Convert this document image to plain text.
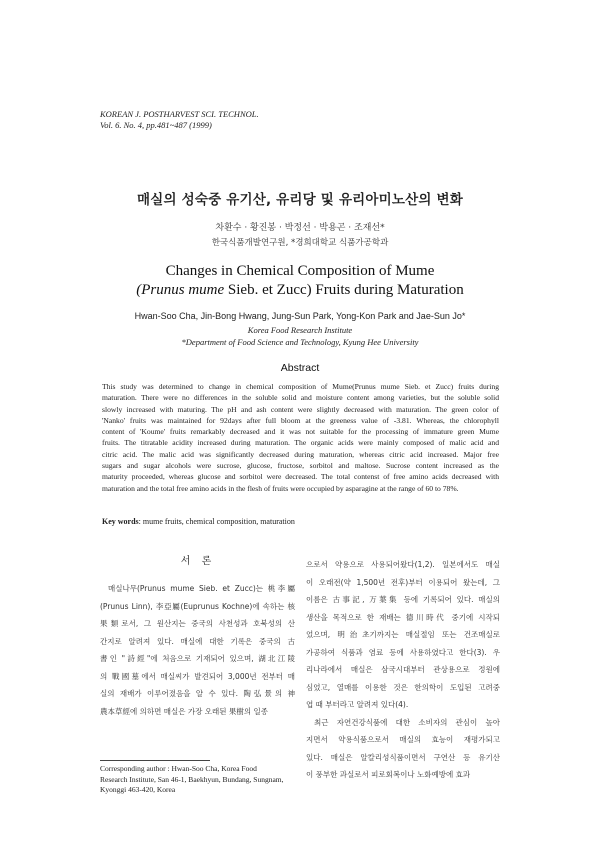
KOREAN J. POSTHARVEST SCI. TECHNOL.
Vol. 6. No. 4, pp.481~487 (1999)
매실의 성숙중 유기산, 유리당 및 유리아미노산의 변화
차환수 · 황진봉 · 박정선 · 박용곤 · 조재선*
한국식품개발연구원, *경희대학교 식품가공학과
Changes in Chemical Composition of Mume
(Prunus mume Sieb. et Zucc) Fruits during Maturation
Hwan-Soo Cha, Jin-Bong Hwang, Jung-Sun Park, Yong-Kon Park and Jae-Sun Jo*
Korea Food Research Institute
*Department of Food Science and Technology, Kyung Hee University
Abstract
This study was determined to change in chemical composition of Mume(Prunus mume Sieb. et Zucc) fruits during
maturation. There were no differences in the soluble solid and moisture content among varieties, but the soluble solid
slowly increased with maturing. The pH and ash content were slightly decreased with maturation. The green color of
'Nanko' fruits was maintained for 92days after full bloom at the greeness value of -3.81. Whereas, the chlorophyll
content of 'Koume' fruits remarkably decreased and it was not suitable for the processing of immature green Mume
fruits. The titratable acidity increased during maturation. The organic acids were mainly composed of malic acid and
citric acid. The malic acid was significantly decreased during maturation, whereas citric acid increased. Major free
sugars and sugar alcohols were sucrose, glucose, fructose, sorbitol and maltose. Sucrose content increased as the
maturity proceeded, whereas glucose and sorbitol were decreased. The total contenst of free amino acids decreased with
maturation and the total free amino acids in the flesh of fruits were occupied by asparagine at the range of 60 to 78%.
Key words: mume fruits, chemical composition, maturation
서 론
매실나무(Prunus mume Sieb. et Zucc)는 桃李屬
(Prunus Linn), 李亞屬(Euprunus Kochne)에 속하는 核
果類로서, 그 원산지는 중국의 사천성과 호북성의 산
간지로 알려져 있다. 매실에 대한 기록은 중국의 古
書인 "詩經"에 처음으로 기재되어 있으며, 湖北江陵
의 戰國墓에서 매실씨가 발견되어 3,000년 전부터 매
실의 재배가 이루어졌음을 알 수 있다. 陶弘景의 神
農本草經에 의하면 매실은 가장 오래된 果樹의 일종
으로서 약용으로 사용되어왔다(1,2). 일본에서도 매실
이 오래전(약 1,500년 전후)부터 이용되어 왔는데, 그
이름은 古事記, 万葉集 등에 기록되어 있다. 매실의
생산을 목적으로 한 재배는 德川時代 중기에 시작되
었으며, 明治초기까지는 매실절임 또는 건조매실로
가공하여 식품과 염료 등에 사용하였다고 한다(3). 우
리나라에서 매실은 삼국시대부터 관상용으로 정원에
심었고, 열매를 이용한 것은 한의학이 도입된 고려중
엽 때 부터라고 알려져 있다(4).
최근 자연건강식품에 대한 소비자의 관심이 높아
지면서 약용식품으로서 매실의 효능이 재평가되고
있다. 매실은 알칼리성식품이면서 구연산 등 유기산
이 풍부한 과실로서 피로회복이나 노화예방에 효과
Corresponding author : Hwan-Soo Cha, Korea Food
Research Institute, San 46-1, Baekhyun, Bundang, Sungnam,
Kyonggi 463-420, Korea
